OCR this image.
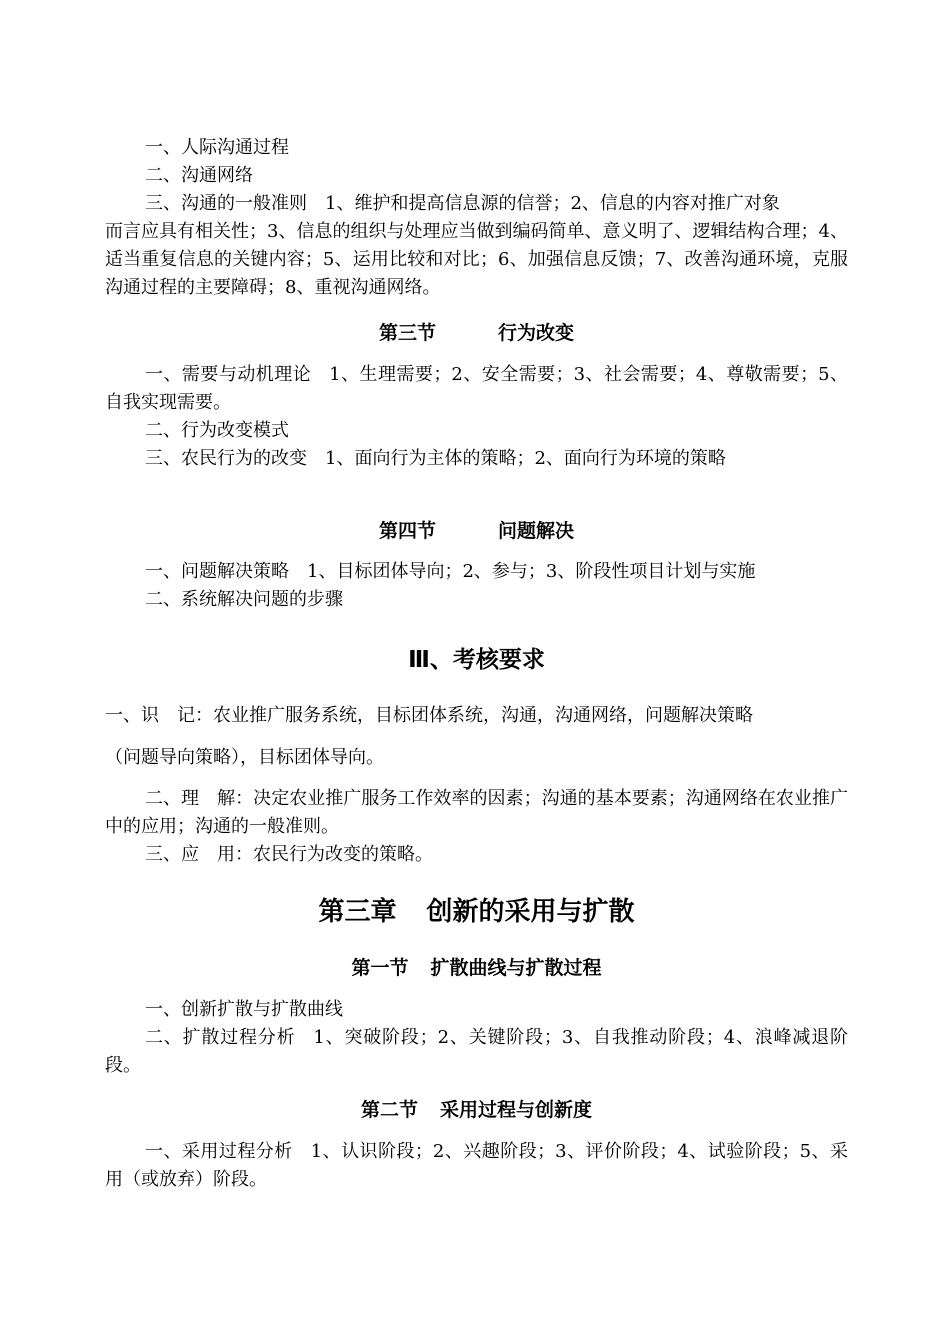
一、人际沟通过程

二、沟通网络

三、沟通的一般准则 1、维护和提高信息源的信誉；2、信息的内容对推广对象

而言应具有相关性；3、信息的组织与处理应当做到编码简单、意义明了、逻辑结构合理；4、适当重复信息的关键内容；5、运用比较和对比；6、加强信息反馈；7、改善沟通环境，克服沟通过程的主要障碍；8、重视沟通网络。

第三节	行为改变

一、需要与动机理论 1、生理需要；2、安全需要；3、社会需要；4、尊敬需要；5、自我实现需要。

二、行为改变模式

三、农民行为的改变 1、面向行为主体的策略；2、面向行为环境的策略

第四节	问题解决

一、问题解决策略 1、目标团体导向；2、参与；3、阶段性项目计划与实施

二、系统解决问题的步骤

Ⅲ、考核要求

一、识　记：农业推广服务系统，目标团体系统，沟通，沟通网络，问题解决策略

（问题导向策略），目标团体导向。

二、理　解：决定农业推广服务工作效率的因素；沟通的基本要素；沟通网络在农业推广中的应用；沟通的一般准则。

三、应　用：农民行为改变的策略。

第三章 创新的采用与扩散
第一节 扩散曲线与扩散过程

一、创新扩散与扩散曲线

二、扩散过程分析 1、突破阶段；2、关键阶段；3、自我推动阶段；4、浪峰减退阶段。

第二节 采用过程与创新度

一、采用过程分析 1、认识阶段；2、兴趣阶段；3、评价阶段；4、试验阶段；5、采用（或放弃）阶段。
